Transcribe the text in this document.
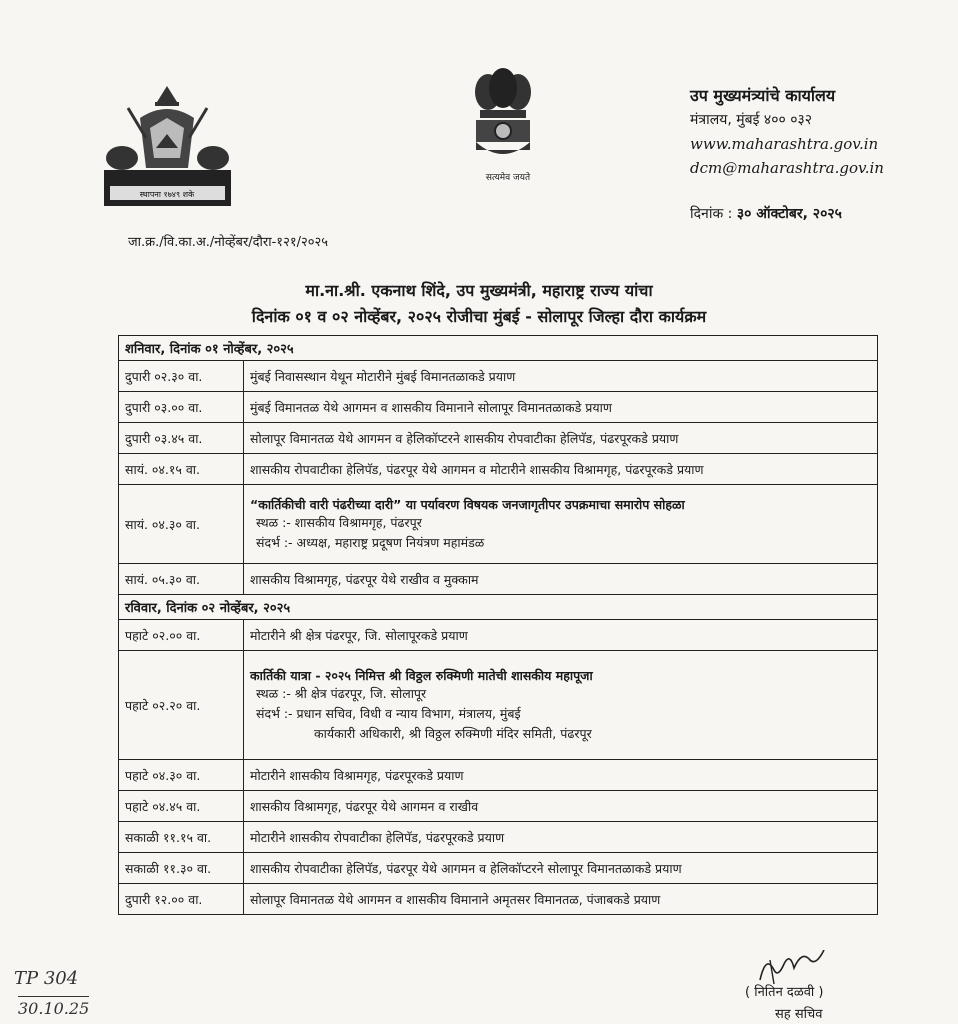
स्थापना १७४९ शके
सत्यमेव जयते
उप मुख्यमंत्र्यांचे कार्यालय
मंत्रालय, मुंबई ४०० ०३२
www.maharashtra.gov.in
dcm@maharashtra.gov.in
दिनांक : ३० ऑक्टोबर, २०२५
जा.क्र./वि.का.अ./नोव्हेंबर/दौरा-१२१/२०२५
मा.ना.श्री. एकनाथ शिंदे, उप मुख्यमंत्री, महाराष्ट्र राज्य यांचा
दिनांक ०१ व ०२ नोव्हेंबर, २०२५ रोजीचा मुंबई - सोलापूर जिल्हा दौरा कार्यक्रम
शनिवार, दिनांक ०१ नोव्हेंबर, २०२५	
दुपारी ०२.३० वा.	मुंबई निवासस्थान येथून मोटारीने मुंबई विमानतळाकडे प्रयाण
दुपारी ०३.०० वा.	मुंबई विमानतळ येथे आगमन व शासकीय विमानाने सोलापूर विमानतळाकडे प्रयाण
दुपारी ०३.४५ वा.	सोलापूर विमानतळ येथे आगमन व हेलिकॉप्टरने शासकीय रोपवाटीका हेलिपॅड, पंढरपूरकडे प्रयाण
सायं. ०४.१५ वा.	शासकीय रोपवाटीका हेलिपॅड, पंढरपूर येथे आगमन व मोटारीने शासकीय विश्रामगृह, पंढरपूरकडे प्रयाण
सायं. ०४.३० वा.	“कार्तिकीची वारी पंढरीच्या दारी” या पर्यावरण विषयक जनजागृतीपर उपक्रमाचा समारोप सोहळा
स्थळ :- शासकीय विश्रामगृह, पंढरपूर
संदर्भ :- अध्यक्ष, महाराष्ट्र प्रदूषण नियंत्रण महामंडळ

सायं. ०५.३० वा.	शासकीय विश्रामगृह, पंढरपूर येथे राखीव व मुक्काम
रविवार, दिनांक ०२ नोव्हेंबर, २०२५	
पहाटे ०२.०० वा.	मोटारीने श्री क्षेत्र पंढरपूर, जि. सोलापूरकडे प्रयाण
पहाटे ०२.२० वा.	कार्तिकी यात्रा - २०२५ निमित्त श्री विठ्ठल रुक्मिणी मातेची शासकीय महापूजा
स्थळ :- श्री क्षेत्र पंढरपूर, जि. सोलापूर
संदर्भ :- प्रधान सचिव, विधी व न्याय विभाग, मंत्रालय, मुंबई
कार्यकारी अधिकारी, श्री विठ्ठल रुक्मिणी मंदिर समिती, पंढरपूर

पहाटे ०४.३० वा.	मोटारीने शासकीय विश्रामगृह, पंढरपूरकडे प्रयाण
पहाटे ०४.४५ वा.	शासकीय विश्रामगृह, पंढरपूर येथे आगमन व राखीव
सकाळी ११.१५ वा.	मोटारीने शासकीय रोपवाटीका हेलिपॅड, पंढरपूरकडे प्रयाण
सकाळी ११.३० वा.	शासकीय रोपवाटीका हेलिपॅड, पंढरपूर येथे आगमन व हेलिकॉप्टरने सोलापूर विमानतळाकडे प्रयाण
दुपारी १२.०० वा.	सोलापूर विमानतळ येथे आगमन व शासकीय विमानाने अमृतसर विमानतळ, पंजाबकडे प्रयाण
TP 304
30.10.25
( नितिन दळवी )
सह सचिव
